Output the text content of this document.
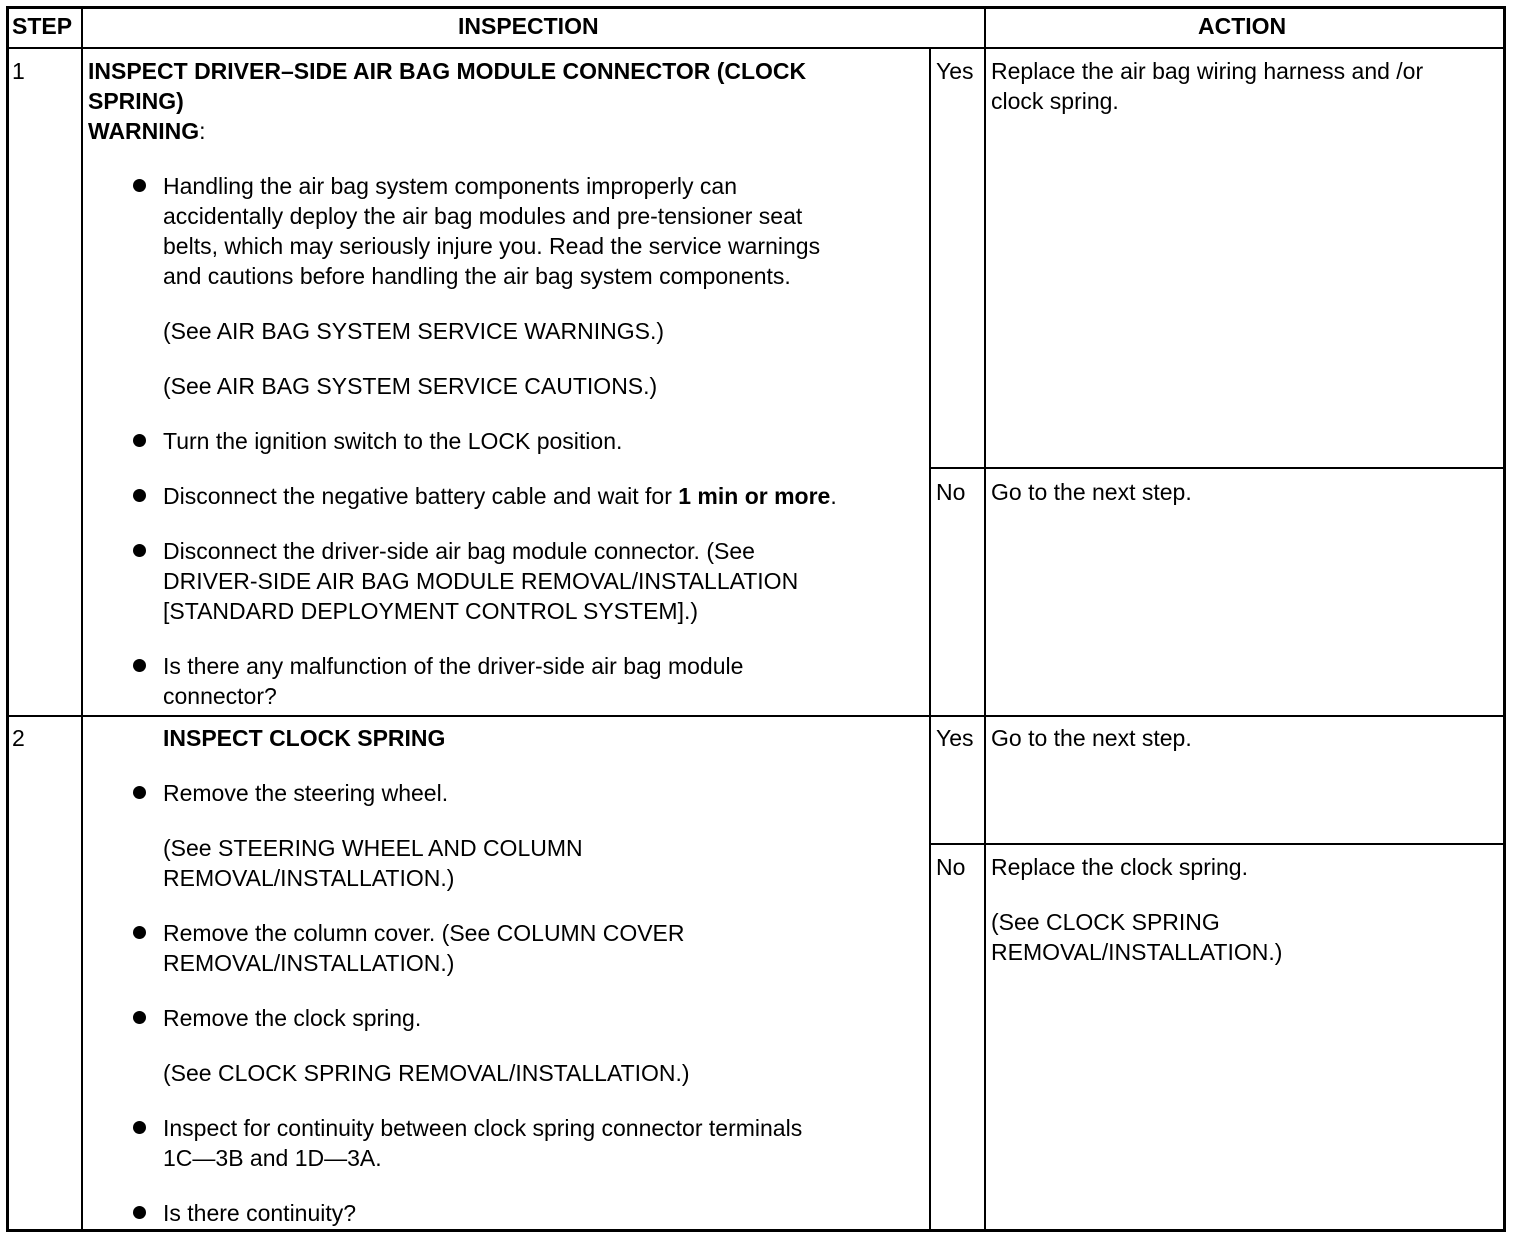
STEP	INSPECTION	ACTION
1	INSPECT DRIVER–SIDE AIR BAG MODULE CONNECTOR (CLOCK
SPRING)
WARNING:
Handling the air bag system components improperly can
accidentally deploy the air bag modules and pre-tensioner seat
belts, which may seriously injure you. Read the service warnings
and cautions before handling the air bag system components.
(See AIR BAG SYSTEM SERVICE WARNINGS.)
(See AIR BAG SYSTEM SERVICE CAUTIONS.)
Turn the ignition switch to the LOCK position.
Disconnect the negative battery cable and wait for 1 min or more.
Disconnect the driver-side air bag module connector. (See
DRIVER-SIDE AIR BAG MODULE REMOVAL/INSTALLATION
[STANDARD DEPLOYMENT CONTROL SYSTEM].)
Is there any malfunction of the driver-side air bag module
connector?
Yes Replace the air bag wiring harness and /or
clock spring.
No Go to the next step.
2	INSPECT CLOCK SPRING
Remove the steering wheel.
(See STEERING WHEEL AND COLUMN
REMOVAL/INSTALLATION.)
Remove the column cover. (See COLUMN COVER
REMOVAL/INSTALLATION.)
Remove the clock spring.
(See CLOCK SPRING REMOVAL/INSTALLATION.)
Inspect for continuity between clock spring connector terminals
1C—3B and 1D—3A.
Is there continuity?
Yes Go to the next step.
No Replace the clock spring.
(See CLOCK SPRING
REMOVAL/INSTALLATION.)
